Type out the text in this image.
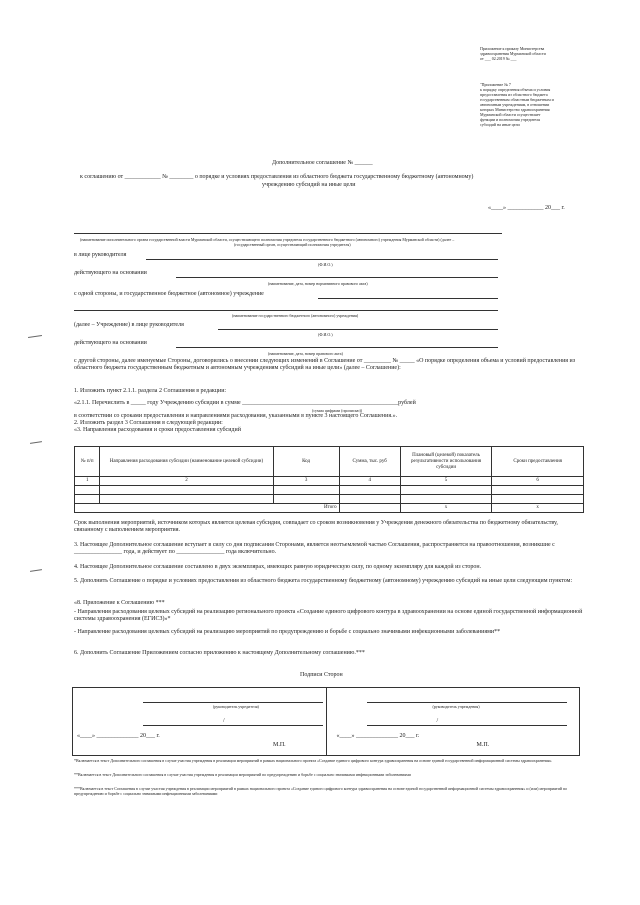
Приложение к приказу Министерства
здравоохранения Мурманской области
от ___ 02.2019 № ___
"Приложение № 7
к порядку определения объема и условия
предоставления из областного бюджета
государственным областным бюджетным и
автономным учреждениям, в отношении
которых Министерство здравоохранения
Мурманской области осуществляет
функции и полномочия учредителя
субсидий на иные цели
Дополнительное соглашение № ______
к соглашению от ____________ № ________ о порядке и условиях предоставления из областного бюджета государственному бюджетному (автономному)
учреждению субсидий на иные цели
«____» ____________ 20___ г.
(наименование исполнительного органа государственной власти Мурманской области, осуществляющего полномочия учредителя государственного бюджетного (автономного) учреждения Мурманской области) (далее –
(государственный орган, осуществляющий полномочия учредителя)
в лице руководителя
(Ф.И.О.)
действующего на основании
(наименование, дата, номер нормативного правового акта)
с одной стороны, и государственное бюджетное (автономное) учреждение
(наименование государственного бюджетного (автономного) учреждения)
(далее – Учреждение) в лице руководителя
(Ф.И.О.)
действующего на основании
(наименование, дата, номер правового акта)
с другой стороны, далее именуемые Стороны, договорились о внесении следующих изменений в Соглашение от _________ № _____ «О порядке определения объема и условий предоставления из областного бюджета государственным бюджетным и автономным учреждениям субсидий на иные цели» (далее – Соглашение):
1. Изложить пункт 2.1.1. раздела 2 Соглашения в редакции:
«2.1.1. Перечислить в _____ году Учреждению субсидии в сумме ____________________________________________________рублей
(сумма цифрами (прописью))
в соответствии со сроками предоставления и направлениями расходования, указанными в пункте 3 настоящего Соглашения.».
2. Изложить раздел 3 Соглашения в следующей редакции:
«3. Направления расходования и сроки предоставления субсидий
№ п/п	Направления расходования субсидии (наименование целевой субсидии)	Код	Сумма, тыс. руб	Плановый (целевой) показатель результативности использования субсидии	Сроки предоставления
1	2	3	4	5	6

Итого				x	x
Срок выполнения мероприятий, источником которых является целевая субсидия, совпадает со сроком возникновения у Учреждения денежного обязательства по бюджетному обязательству, связанному с выполнением мероприятия.
3. Настоящее Дополнительное соглашение вступает в силу со дня подписания Сторонами, является неотъемлемой частью Соглашения, распространяется на правоотношения, возникшие с ________________ года, и действует по ________________ года включительно.
4. Настоящее Дополнительное соглашение составлено в двух экземплярах, имеющих равную юридическую силу, по одному экземпляру для каждой из сторон.
5. Дополнить Соглашение о порядке и условиях предоставления из областного бюджета государственному бюджетному (автономному) учреждению субсидий на иные цели следующим пунктом:
«8. Приложение к Соглашению ***
- Направления расходования целевых субсидий на реализацию регионального проекта «Создание единого цифрового контура в здравоохранении на основе единой государственной информационной системы здравоохранения (ЕГИСЗ)»*
- Направление расходования целевых субсидий на реализацию мероприятий по предупреждению и борьбе с социально значимыми инфекционными заболеваниями**
6. Дополнить Соглашение Приложением согласно приложению к настоящему Дополнительному соглашению.***
Подписи Сторон
(руководитель учредителя)
/
«____» ______________ 20___ г.
М.П.

(руководитель учреждения)
/
«____» ______________ 20___ г.
М.П.
*Включается в текст Дополнительного соглашения в случае участия учреждения в реализации мероприятий в рамках национального проекта «Создание единого цифрового контура здравоохранения на основе единой государственной информационной системы здравоохранения»
**Включается в текст Дополнительного соглашения в случае участия учреждения в реализации мероприятий по предупреждению и борьбе с социально значимыми инфекционными заболеваниями
***Включается в текст Соглашения в случае участия учреждения в реализации мероприятий в рамках национального проекта «Создание единого цифрового контура здравоохранения на основе единой государственной информационной системы здравоохранения» и (или) мероприятий по предупреждению и борьбе с социально значимыми инфекционными заболеваниями
